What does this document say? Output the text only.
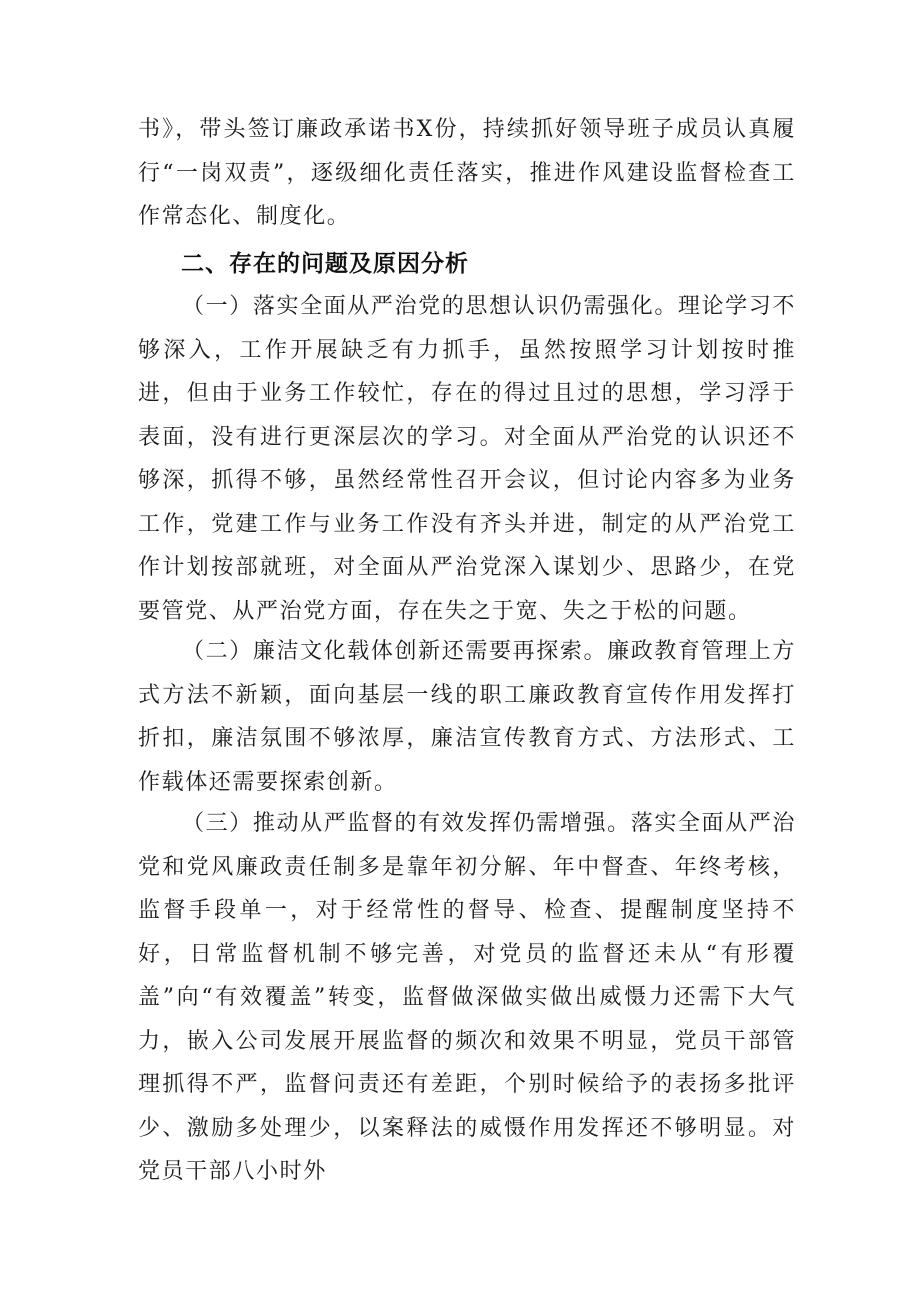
书》，带头签订廉政承诺书X份，持续抓好领导班子成员认真履行“一岗双责”，逐级细化责任落实，推进作风建设监督检查工作常态化、制度化。

二、存在的问题及原因分析

（一）落实全面从严治党的思想认识仍需强化。理论学习不够深入，工作开展缺乏有力抓手，虽然按照学习计划按时推进，但由于业务工作较忙，存在的得过且过的思想，学习浮于表面，没有进行更深层次的学习。对全面从严治党的认识还不够深，抓得不够，虽然经常性召开会议，但讨论内容多为业务工作，党建工作与业务工作没有齐头并进，制定的从严治党工作计划按部就班，对全面从严治党深入谋划少、思路少，在党要管党、从严治党方面，存在失之于宽、失之于松的问题。

（二）廉洁文化载体创新还需要再探索。廉政教育管理上方式方法不新颖，面向基层一线的职工廉政教育宣传作用发挥打折扣，廉洁氛围不够浓厚，廉洁宣传教育方式、方法形式、工作载体还需要探索创新。

（三）推动从严监督的有效发挥仍需增强。落实全面从严治党和党风廉政责任制多是靠年初分解、年中督查、年终考核，监督手段单一，对于经常性的督导、检查、提醒制度坚持不好，日常监督机制不够完善，对党员的监督还未从“有形覆盖”向“有效覆盖”转变，监督做深做实做出威慑力还需下大气力，嵌入公司发展开展监督的频次和效果不明显，党员干部管理抓得不严，监督问责还有差距，个别时候给予的表扬多批评少、激励多处理少，以案释法的威慑作用发挥还不够明显。对党员干部八小时外
